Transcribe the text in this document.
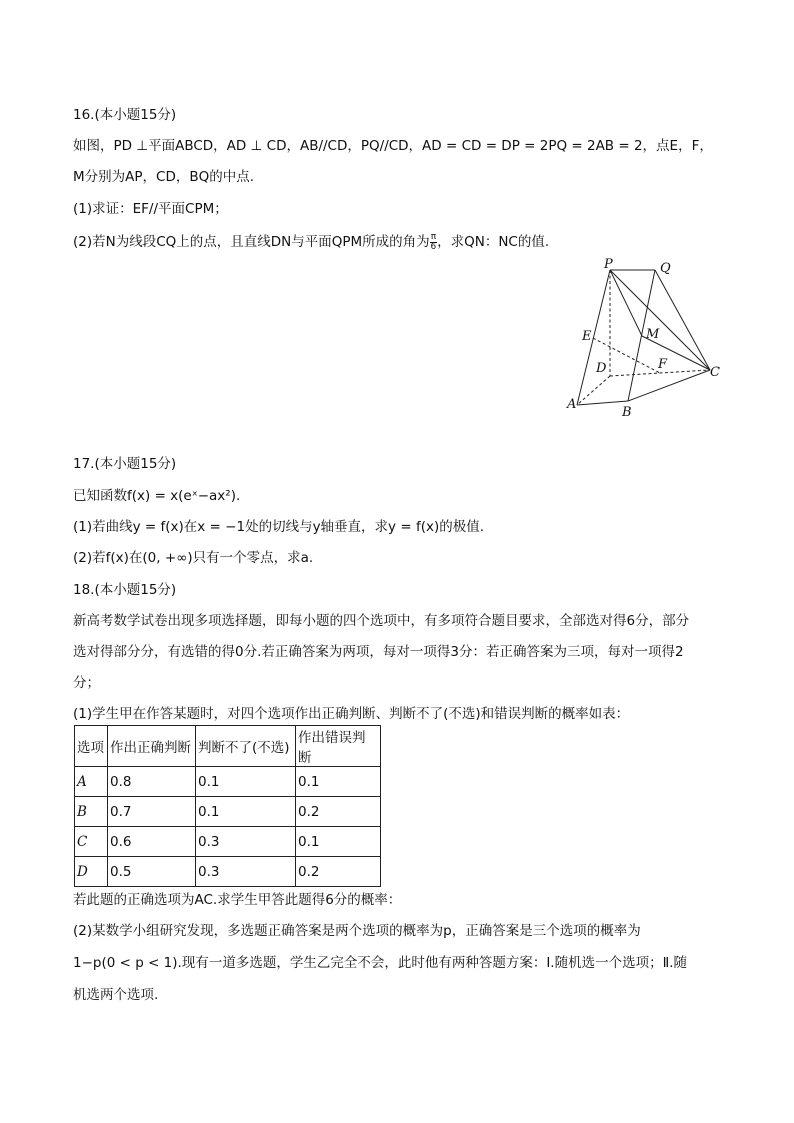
16.(本小题15分)
如图，PD ⊥平面ABCD，AD ⊥ CD，AB//CD，PQ//CD，AD = CD = DP = 2PQ = 2AB = 2，点E，F，
M分别为AP，CD，BQ的中点.
(1)求证：EF//平面CPM；
(2)若N为线段CQ上的点，且直线DN与平面QPM所成的角为 $\frac{\pi}{6}$ ，求QN：NC的值.
P	Q
E	M
D	F
C
A
B
17.(本小题15分)
已知函数f(x) = x(eˣ−ax²).
(1)若曲线y = f(x)在x = −1处的切线与y轴垂直，求y = f(x)的极值.
(2)若f(x)在(0, +∞)只有一个零点，求a.
18.(本小题15分)
新高考数学试卷出现多项选择题，即每小题的四个选项中，有多项符合题目要求，全部选对得6分，部分
选对得部分分，有选错的得0分.若正确答案为两项，每对一项得3分：若正确答案为三项，每对一项得2
分；
(1)学生甲在作答某题时，对四个选项作出正确判断、判断不了(不选)和错误判断的概率如表：
选项	作出正确判断	判断不了(不选)	作出错误判断
A	0.8	0.1	0.1
B	0.7	0.1	0.2
C	0.6	0.3	0.1
D	0.5	0.3	0.2
若此题的正确选项为AC.求学生甲答此题得6分的概率：
(2)某数学小组研究发现，多选题正确答案是两个选项的概率为p，正确答案是三个选项的概率为
1−p(0 < p < 1).现有一道多选题，学生乙完全不会，此时他有两种答题方案：Ⅰ.随机选一个选项；Ⅱ.随
机选两个选项.
